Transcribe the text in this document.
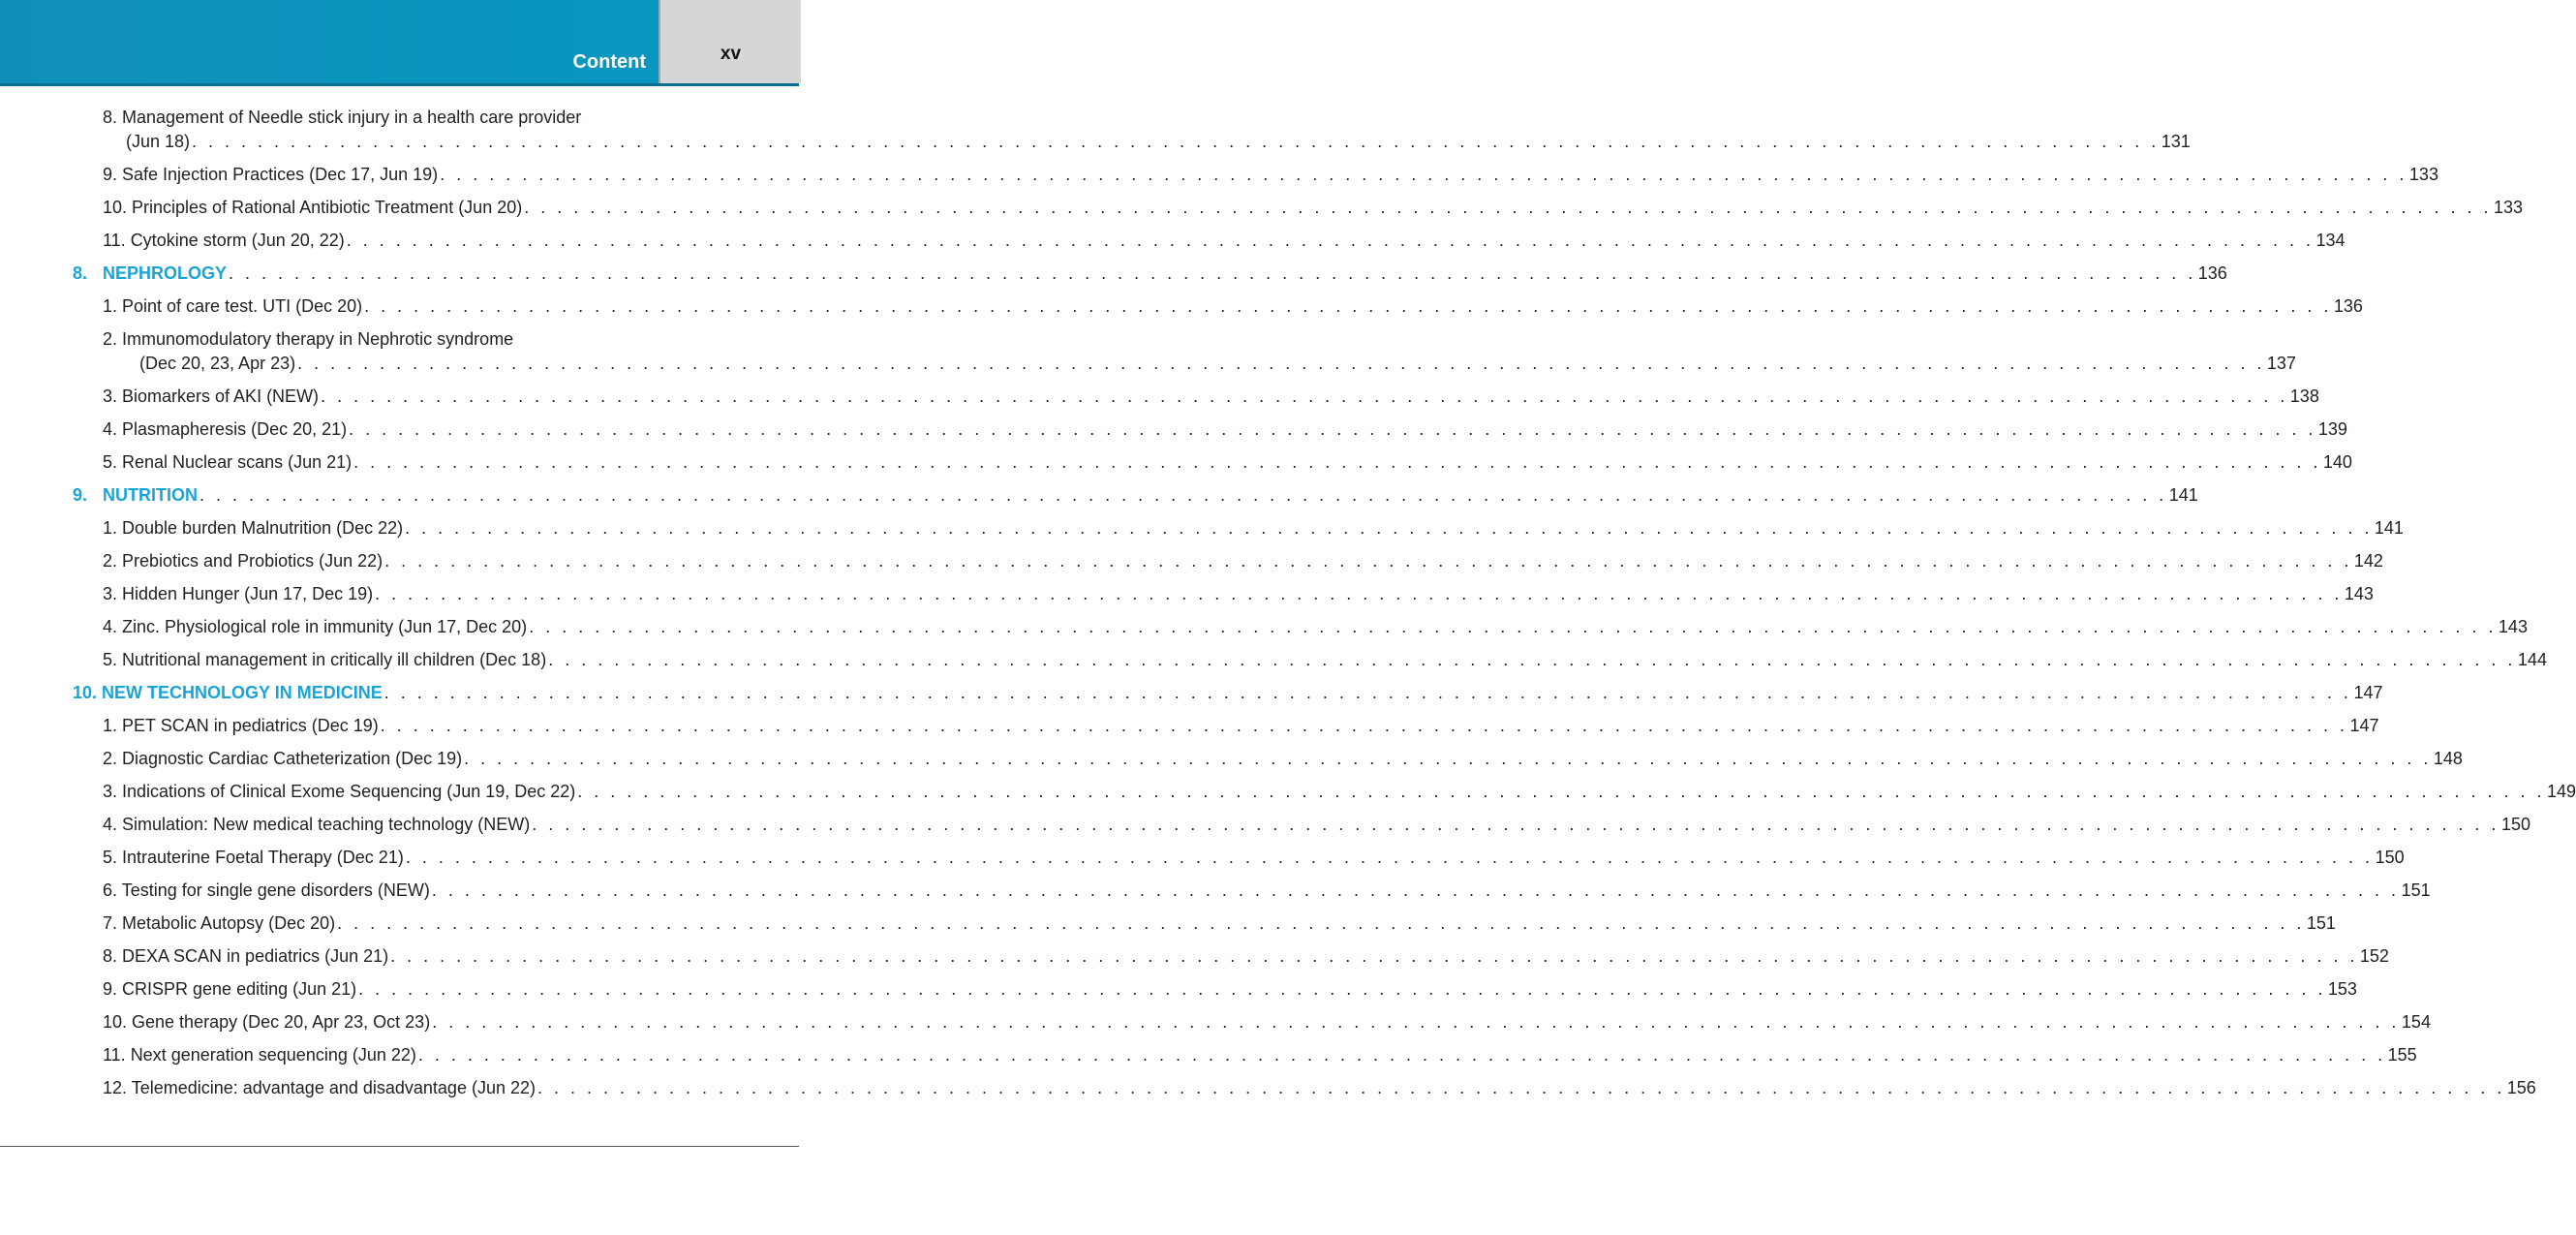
Content	xv
8. Management of Needle stick injury in a health care provider
(Jun 18) . . . . . . . . . . . . . . . . . . . . . . . . . . . . . . . . . . . . . . . . . . . . . . . . . . . . . . . . . . . . . . . . . . . . . . . . . . . . . . . . . . . . . . . . . . . . . . . . . . . . . . . . . . . . . . . . . . . . . . . . 131
9. Safe Injection Practices (Dec 17, Jun 19) . . . . . . . . . . . . . . . . . . . . . . . . . . . . . . . . . . . . . . . . . . . . . . . . . . . . . . . . . . . . . . . . . . . . . . . . . . . . . . . . . . . . . . . . . . . . . . . . . . . . . . . . . . . . . . . . . . . . . . . . 133
10. Principles of Rational Antibiotic Treatment (Jun 20) . . . . . . . . . . . . . . . . . . . . . . . . . . . . . . . . . . . . . . . . . . . . . . . . . . . . . . . . . . . . . . . . . . . . . . . . . . . . . . . . . . . . . . . . . . . . . . . . . . . . . . . . . . . . . . . . . . . . . . . . 133
11. Cytokine storm (Jun 20, 22) . . . . . . . . . . . . . . . . . . . . . . . . . . . . . . . . . . . . . . . . . . . . . . . . . . . . . . . . . . . . . . . . . . . . . . . . . . . . . . . . . . . . . . . . . . . . . . . . . . . . . . . . . . . . . . . . . . . . . . . . 134
8. NEPHROLOGY . . . . . . . . . . . . . . . . . . . . . . . . . . . . . . . . . . . . . . . . . . . . . . . . . . . . . . . . . . . . . . . . . . . . . . . . . . . . . . . . . . . . . . . . . . . . . . . . . . . . . . . . . . . . . . . . . . . . . . . . 136
1. Point of care test. UTI (Dec 20) . . . . . . . . . . . . . . . . . . . . . . . . . . . . . . . . . . . . . . . . . . . . . . . . . . . . . . . . . . . . . . . . . . . . . . . . . . . . . . . . . . . . . . . . . . . . . . . . . . . . . . . . . . . . . . . . . . . . . . . . 136
2. Immunomodulatory therapy in Nephrotic syndrome
(Dec 20, 23, Apr 23) . . . . . . . . . . . . . . . . . . . . . . . . . . . . . . . . . . . . . . . . . . . . . . . . . . . . . . . . . . . . . . . . . . . . . . . . . . . . . . . . . . . . . . . . . . . . . . . . . . . . . . . . . . . . . . . . . . . . . . . . 137
3. Biomarkers of AKI (NEW) . . . . . . . . . . . . . . . . . . . . . . . . . . . . . . . . . . . . . . . . . . . . . . . . . . . . . . . . . . . . . . . . . . . . . . . . . . . . . . . . . . . . . . . . . . . . . . . . . . . . . . . . . . . . . . . . . . . . . . . . 138
4. Plasmapheresis (Dec 20, 21) . . . . . . . . . . . . . . . . . . . . . . . . . . . . . . . . . . . . . . . . . . . . . . . . . . . . . . . . . . . . . . . . . . . . . . . . . . . . . . . . . . . . . . . . . . . . . . . . . . . . . . . . . . . . . . . . . . . . . . . . 139
5. Renal Nuclear scans (Jun 21) . . . . . . . . . . . . . . . . . . . . . . . . . . . . . . . . . . . . . . . . . . . . . . . . . . . . . . . . . . . . . . . . . . . . . . . . . . . . . . . . . . . . . . . . . . . . . . . . . . . . . . . . . . . . . . . . . . . . . . . . 140
9. NUTRITION . . . . . . . . . . . . . . . . . . . . . . . . . . . . . . . . . . . . . . . . . . . . . . . . . . . . . . . . . . . . . . . . . . . . . . . . . . . . . . . . . . . . . . . . . . . . . . . . . . . . . . . . . . . . . . . . . . . . . . . . 141
1. Double burden Malnutrition (Dec 22) . . . . . . . . . . . . . . . . . . . . . . . . . . . . . . . . . . . . . . . . . . . . . . . . . . . . . . . . . . . . . . . . . . . . . . . . . . . . . . . . . . . . . . . . . . . . . . . . . . . . . . . . . . . . . . . . . . . . . . . . 141
2. Prebiotics and Probiotics (Jun 22) . . . . . . . . . . . . . . . . . . . . . . . . . . . . . . . . . . . . . . . . . . . . . . . . . . . . . . . . . . . . . . . . . . . . . . . . . . . . . . . . . . . . . . . . . . . . . . . . . . . . . . . . . . . . . . . . . . . . . . . . 142
3. Hidden Hunger (Jun 17, Dec 19) . . . . . . . . . . . . . . . . . . . . . . . . . . . . . . . . . . . . . . . . . . . . . . . . . . . . . . . . . . . . . . . . . . . . . . . . . . . . . . . . . . . . . . . . . . . . . . . . . . . . . . . . . . . . . . . . . . . . . . . . 143
4. Zinc. Physiological role in immunity (Jun 17, Dec 20) . . . . . . . . . . . . . . . . . . . . . . . . . . . . . . . . . . . . . . . . . . . . . . . . . . . . . . . . . . . . . . . . . . . . . . . . . . . . . . . . . . . . . . . . . . . . . . . . . . . . . . . . . . . . . . . . . . . . . . . . 143
5. Nutritional management in critically ill children (Dec 18) . . . . . . . . . . . . . . . . . . . . . . . . . . . . . . . . . . . . . . . . . . . . . . . . . . . . . . . . . . . . . . . . . . . . . . . . . . . . . . . . . . . . . . . . . . . . . . . . . . . . . . . . . . . . . . . . . . . . . . . . 144
10. NEW TECHNOLOGY IN MEDICINE . . . . . . . . . . . . . . . . . . . . . . . . . . . . . . . . . . . . . . . . . . . . . . . . . . . . . . . . . . . . . . . . . . . . . . . . . . . . . . . . . . . . . . . . . . . . . . . . . . . . . . . . . . . . . . . . . . . . . . . . 147
1. PET SCAN in pediatrics (Dec 19) . . . . . . . . . . . . . . . . . . . . . . . . . . . . . . . . . . . . . . . . . . . . . . . . . . . . . . . . . . . . . . . . . . . . . . . . . . . . . . . . . . . . . . . . . . . . . . . . . . . . . . . . . . . . . . . . . . . . . . . . 147
2. Diagnostic Cardiac Catheterization (Dec 19) . . . . . . . . . . . . . . . . . . . . . . . . . . . . . . . . . . . . . . . . . . . . . . . . . . . . . . . . . . . . . . . . . . . . . . . . . . . . . . . . . . . . . . . . . . . . . . . . . . . . . . . . . . . . . . . . . . . . . . . . 148
3. Indications of Clinical Exome Sequencing (Jun 19, Dec 22) . . . . . . . . . . . . . . . . . . . . . . . . . . . . . . . . . . . . . . . . . . . . . . . . . . . . . . . . . . . . . . . . . . . . . . . . . . . . . . . . . . . . . . . . . . . . . . . . . . . . . . . . . . . . . . . . . . . . . . . . 149
4. Simulation: New medical teaching technology (NEW) . . . . . . . . . . . . . . . . . . . . . . . . . . . . . . . . . . . . . . . . . . . . . . . . . . . . . . . . . . . . . . . . . . . . . . . . . . . . . . . . . . . . . . . . . . . . . . . . . . . . . . . . . . . . . . . . . . . . . . . . 150
5. Intrauterine Foetal Therapy (Dec 21) . . . . . . . . . . . . . . . . . . . . . . . . . . . . . . . . . . . . . . . . . . . . . . . . . . . . . . . . . . . . . . . . . . . . . . . . . . . . . . . . . . . . . . . . . . . . . . . . . . . . . . . . . . . . . . . . . . . . . . . . 150
6. Testing for single gene disorders (NEW) . . . . . . . . . . . . . . . . . . . . . . . . . . . . . . . . . . . . . . . . . . . . . . . . . . . . . . . . . . . . . . . . . . . . . . . . . . . . . . . . . . . . . . . . . . . . . . . . . . . . . . . . . . . . . . . . . . . . . . . . 151
7. Metabolic Autopsy (Dec 20) . . . . . . . . . . . . . . . . . . . . . . . . . . . . . . . . . . . . . . . . . . . . . . . . . . . . . . . . . . . . . . . . . . . . . . . . . . . . . . . . . . . . . . . . . . . . . . . . . . . . . . . . . . . . . . . . . . . . . . . . 151
8. DEXA SCAN in pediatrics (Jun 21) . . . . . . . . . . . . . . . . . . . . . . . . . . . . . . . . . . . . . . . . . . . . . . . . . . . . . . . . . . . . . . . . . . . . . . . . . . . . . . . . . . . . . . . . . . . . . . . . . . . . . . . . . . . . . . . . . . . . . . . . 152
9. CRISPR gene editing (Jun 21) . . . . . . . . . . . . . . . . . . . . . . . . . . . . . . . . . . . . . . . . . . . . . . . . . . . . . . . . . . . . . . . . . . . . . . . . . . . . . . . . . . . . . . . . . . . . . . . . . . . . . . . . . . . . . . . . . . . . . . . . 153
10. Gene therapy (Dec 20, Apr 23, Oct 23) . . . . . . . . . . . . . . . . . . . . . . . . . . . . . . . . . . . . . . . . . . . . . . . . . . . . . . . . . . . . . . . . . . . . . . . . . . . . . . . . . . . . . . . . . . . . . . . . . . . . . . . . . . . . . . . . . . . . . . . . 154
11. Next generation sequencing (Jun 22) . . . . . . . . . . . . . . . . . . . . . . . . . . . . . . . . . . . . . . . . . . . . . . . . . . . . . . . . . . . . . . . . . . . . . . . . . . . . . . . . . . . . . . . . . . . . . . . . . . . . . . . . . . . . . . . . . . . . . . . . 155
12. Telemedicine: advantage and disadvantage (Jun 22) . . . . . . . . . . . . . . . . . . . . . . . . . . . . . . . . . . . . . . . . . . . . . . . . . . . . . . . . . . . . . . . . . . . . . . . . . . . . . . . . . . . . . . . . . . . . . . . . . . . . . . . . . . . . . . . . . . . . . . . . 156
